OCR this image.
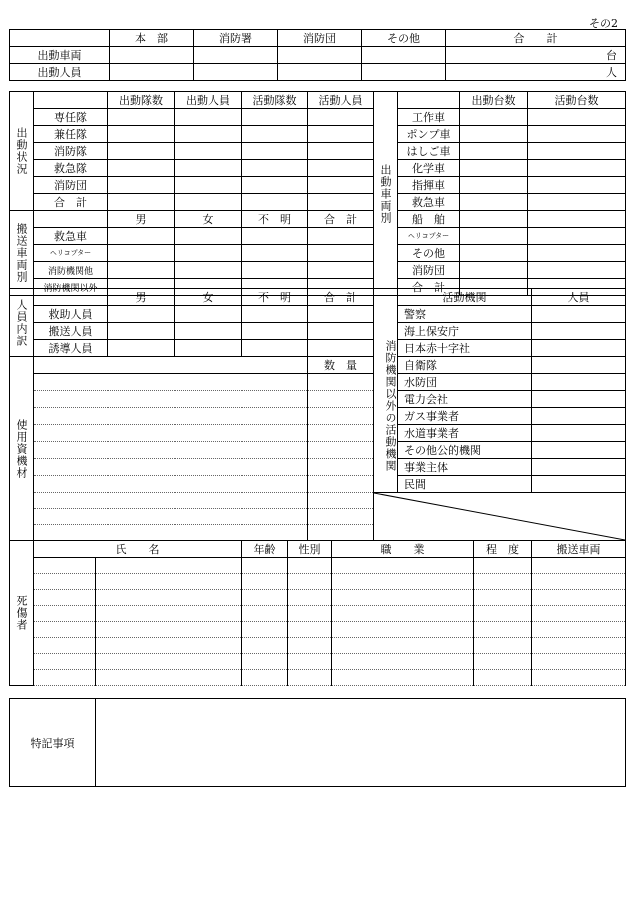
その2
	本　部	消防署	消防団	その他	合　　計
出動車両					台
出動人員					人
出動状況		出動隊数	出動人員	活動隊数	活動人員	出動車両別		出動台数	活動台数
	専任隊						工作車		
	兼任隊						ポンプ車		
	消防隊						はしご車		
	救急隊						化学車		
	消防団						指揮車		
	合　計						救急車		
搬送車両別		男	女	不　明	合　計		船　舶		
	救急車						ヘリコプター		
	ヘリコプター						その他		
	消防機関他						消防団		
	消防機関以外						合　計		
人員内訳		男	女	不　明	合　計	消防機関以外の活動機関	活動機関	人員
	救助人員						警察	
	搬送人員						海上保安庁	
	誘導人員						日本赤十字社	
使用資機材					数　量		自衛隊	
							水防団	
							電力会社	
							ガス事業者	
							水道事業者	
							その他公的機関	
							事業主体	
							民間	

死傷者	氏　　名		年齢	性別	職　　業	程　度	搬送車両

特記事項	
